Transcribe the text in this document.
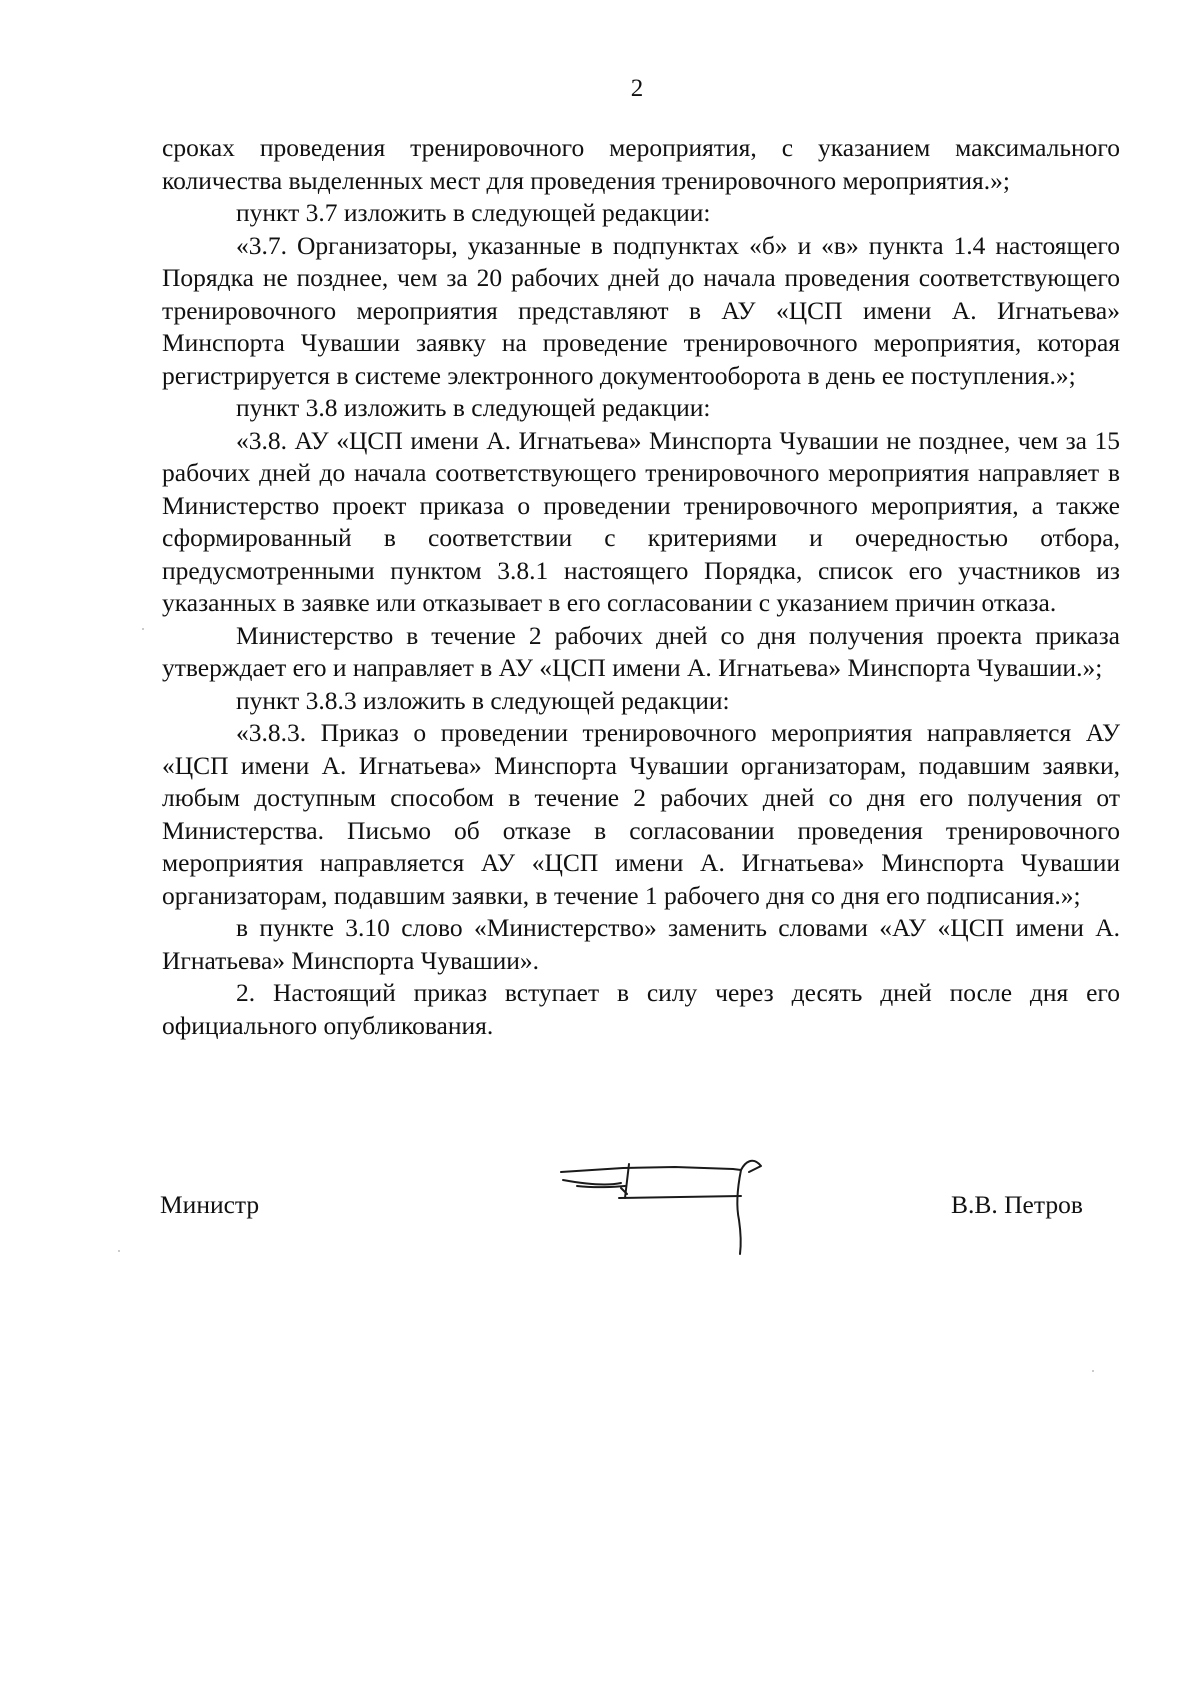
2

сроках проведения тренировочного мероприятия, с указанием максимального количества выделенных мест для проведения тренировочного мероприятия.»;

пункт 3.7 изложить в следующей редакции:

«3.7. Организаторы, указанные в подпунктах «б» и «в» пункта 1.4 настоящего Порядка не позднее, чем за 20 рабочих дней до начала проведения соответствующего тренировочного мероприятия представляют в АУ «ЦСП имени А. Игнатьева» Минспорта Чувашии заявку на проведение тренировочного мероприятия, которая регистрируется в системе электронного документооборота в день ее поступления.»;

пункт 3.8 изложить в следующей редакции:

«3.8. АУ «ЦСП имени А. Игнатьева» Минспорта Чувашии не позднее, чем за 15 рабочих дней до начала соответствующего тренировочного мероприятия направляет в Министерство проект приказа о проведении тренировочного мероприятия, а также сформированный в соответствии с критериями и очередностью отбора, предусмотренными пунктом 3.8.1 настоящего Порядка, список его участников из указанных в заявке или отказывает в его согласовании с указанием причин отказа.

Министерство в течение 2 рабочих дней со дня получения проекта приказа утверждает его и направляет в АУ «ЦСП имени А. Игнатьева» Минспорта Чувашии.»;

пункт 3.8.3 изложить в следующей редакции:

«3.8.3. Приказ о проведении тренировочного мероприятия направляется АУ «ЦСП имени А. Игнатьева» Минспорта Чувашии организаторам, подавшим заявки, любым доступным способом в течение 2 рабочих дней со дня его получения от Министерства. Письмо об отказе в согласовании проведения тренировочного мероприятия направляется АУ «ЦСП имени А. Игнатьева» Минспорта Чувашии организаторам, подавшим заявки, в течение 1 рабочего дня со дня его подписания.»;

в пункте 3.10 слово «Министерство» заменить словами «АУ «ЦСП имени А. Игнатьева» Минспорта Чувашии».

2. Настоящий приказ вступает в силу через десять дней после дня его официального опубликования.

Министр	В.В. Петров
